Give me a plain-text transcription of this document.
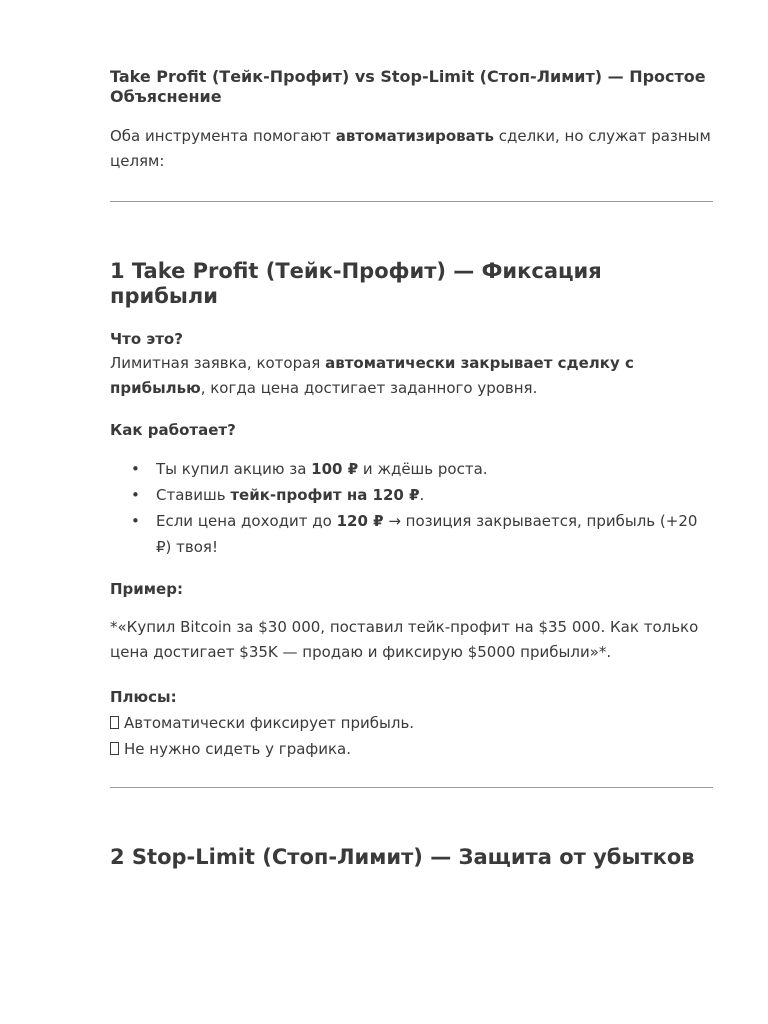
Take Profit (Тейк-Профит) vs Stop-Limit (Стоп-Лимит) — Простое Объяснение

Оба инструмента помогают автоматизировать сделки, но служат разным целям:

1 Take Profit (Тейк-Профит) — Фиксация прибыли

Что это?

Лимитная заявка, которая автоматически закрывает сделку с прибылью, когда цена достигает заданного уровня.

Как работает?

• Ты купил акцию за 100 ₽ и ждёшь роста.
• Ставишь тейк-профит на 120 ₽.
• Если цена доходит до 120 ₽ → позиция закрывается, прибыль (+20 ₽) твоя!

Пример:

*«Купил Bitcoin за $30 000, поставил тейк-профит на $35 000. Как только цена достигает $35K — продаю и фиксирую $5000 прибыли»*.

Плюсы:

Автоматически фиксирует прибыль.

Не нужно сидеть у графика.

2 Stop-Limit (Стоп-Лимит) — Защита от убытков
